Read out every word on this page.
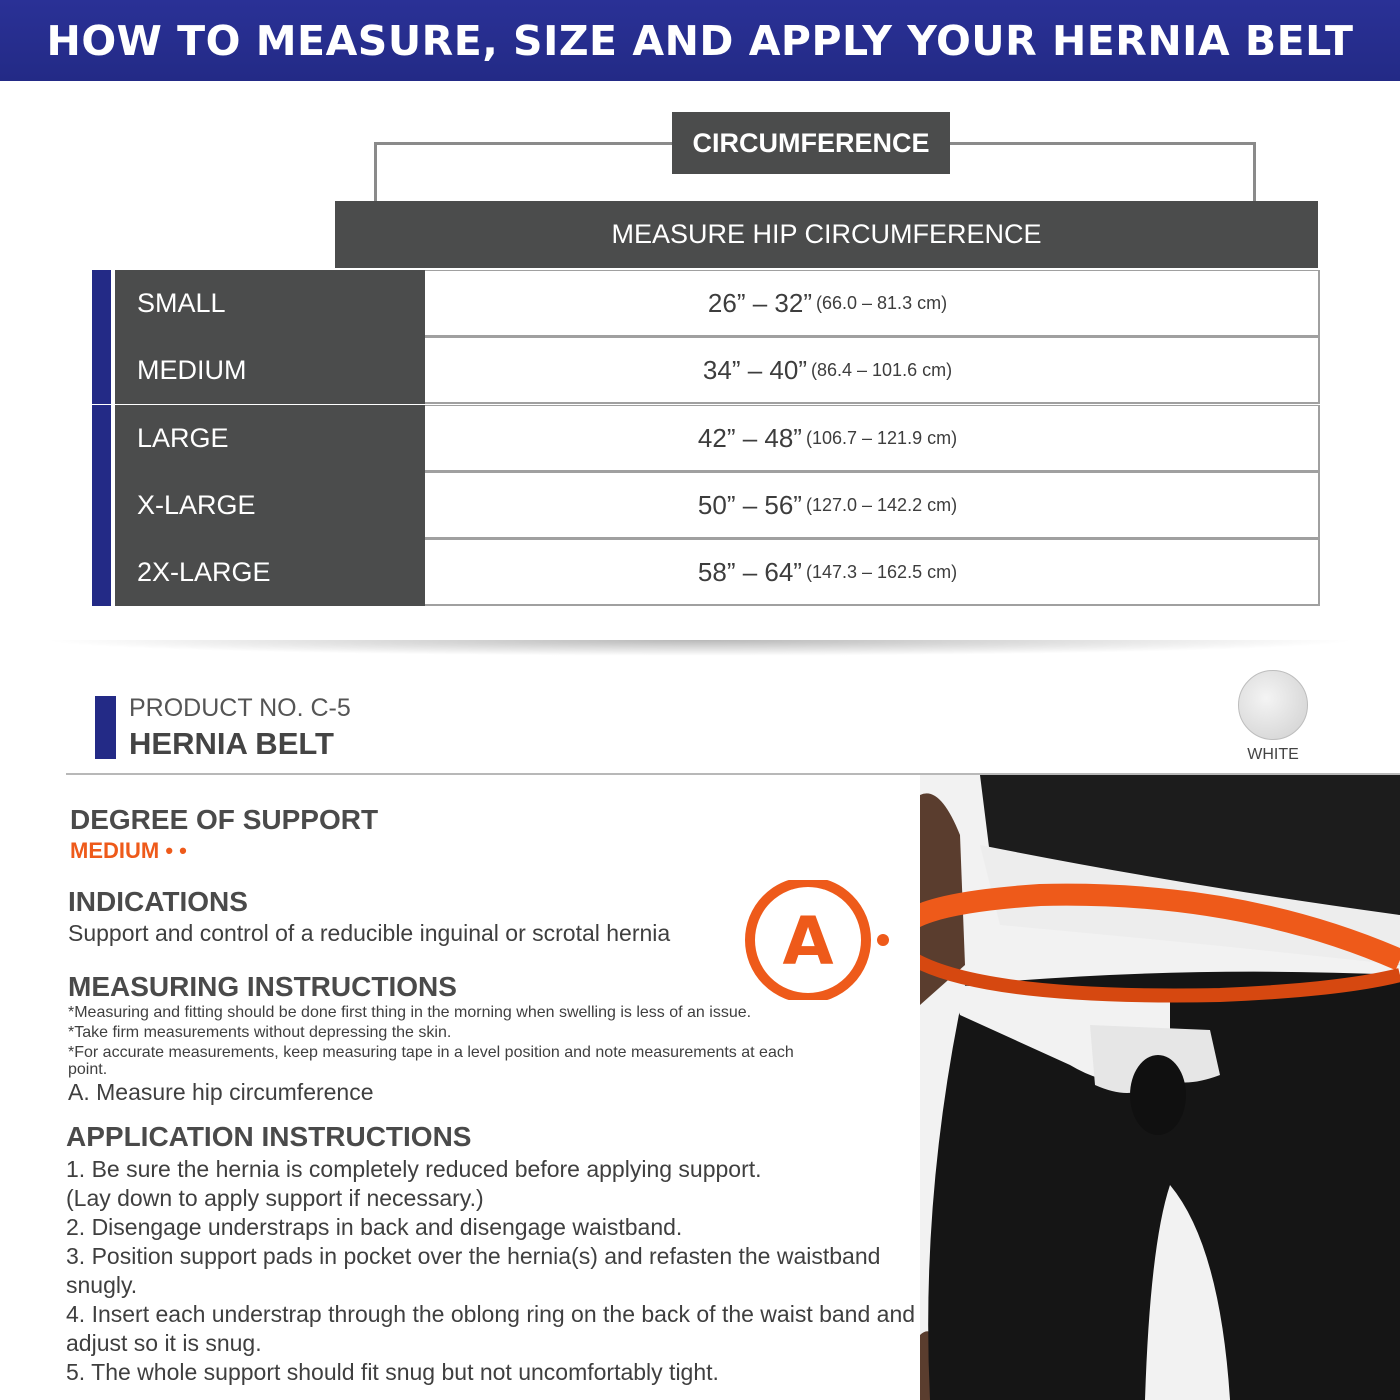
HOW TO MEASURE, SIZE AND APPLY YOUR HERNIA BELT
CIRCUMFERENCE
MEASURE HIP CIRCUMFERENCE
26” – 32” (66.0 – 81.3 cm)
SMALL
34” – 40” (86.4 – 101.6 cm)
MEDIUM
42” – 48” (106.7 – 121.9 cm)
LARGE
50” – 56” (127.0 – 142.2 cm)
X-LARGE
58” – 64” (147.3 – 162.5 cm)
2X-LARGE
PRODUCT NO. C-5
HERNIA BELT	WHITE
A
DEGREE OF SUPPORT
MEDIUM • •
INDICATIONS
Support and control of a reducible inguinal or scrotal hernia
MEASURING INSTRUCTIONS
*Measuring and fitting should be done first thing in the morning when swelling is less of an issue.
*Take firm measurements without depressing the skin.
*For accurate measurements, keep measuring tape in a level position and note measurements at each point.
A. Measure hip circumference
APPLICATION INSTRUCTIONS
1. Be sure the hernia is completely reduced before applying support.
(Lay down to apply support if necessary.)
2. Disengage understraps in back and disengage waistband.
3. Position support pads in pocket over the hernia(s) and refasten the waistband snugly.
4. Insert each understrap through the oblong ring on the back of the waist band and adjust so it is snug.
5. The whole support should fit snug but not uncomfortably tight.
